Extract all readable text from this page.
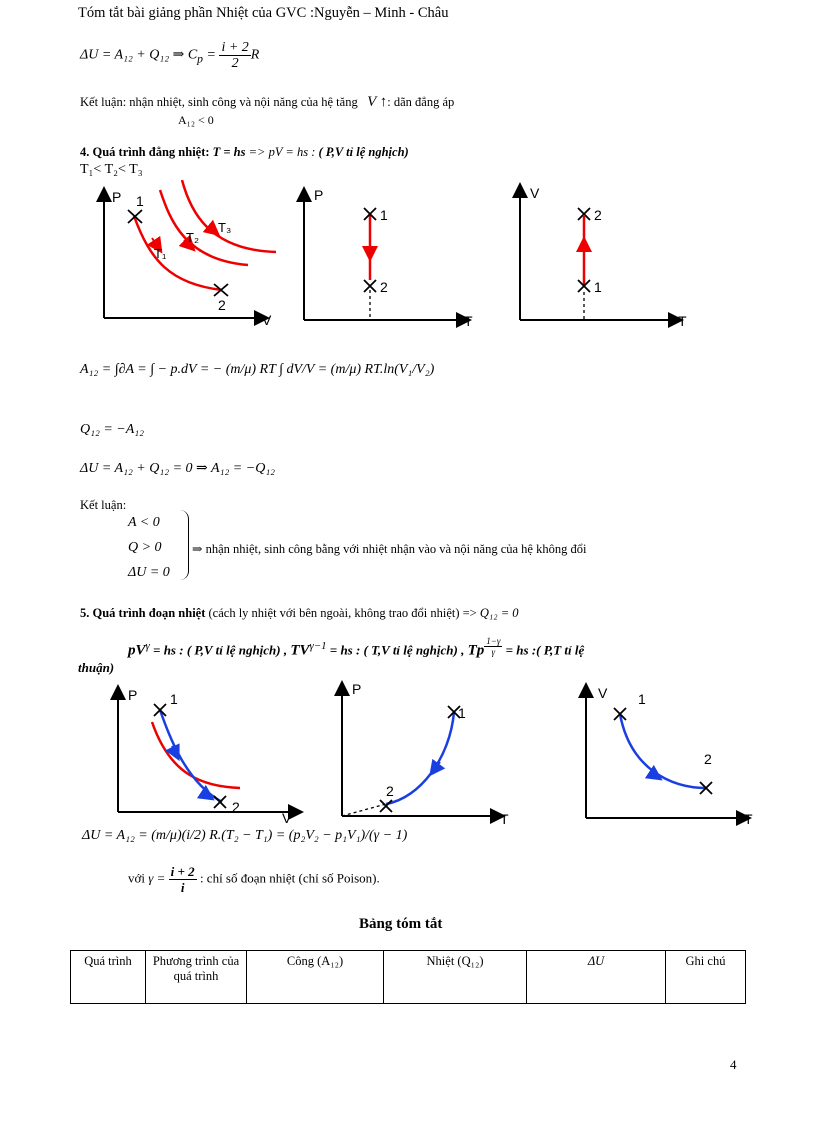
Tóm tắt bài giảng phần Nhiệt của GVC :Nguyễn – Minh - Châu
ΔU = A₁₂ + Q₁₂ ⇒ $C_p = \frac{i + 2}{2}$ R
Kết luận: nhận nhiệt, sinh công và nội năng của hệ tăng V ↑: dãn đẳng áp
A₁₂ < 0
4. Quá trình đẳng nhiệt: T = hs => pV = hs : ( P,V tỉ lệ nghịch)
T₁< T₂< T₃
P
V
1
2
T₁
T₂
T₃
P
T
1
2
V
T
2
1
A₁₂ = ∫∂A = ∫ − p.dV = − (m/μ) RT ∫ dV/V = (m/μ) RT.ln(V₁/V₂)
Q₁₂ = −A₁₂
ΔU = A₁₂ + Q₁₂ = 0 ⇒ A₁₂ = −Q₁₂
Kết luận:
A < 0
Q > 0
ΔU = 0
⇒ nhận nhiệt, sinh công bằng với nhiệt nhận vào và nội năng của hệ không đổi
5. Quá trình đoạn nhiệt (cách ly nhiệt với bên ngoài, không trao đổi nhiệt) => Q₁₂ = 0
$pV^\gamma$ = hs : ( P,V tỉ lệ nghịch) , $TV^{\gamma-1}$ = hs : ( T,V tỉ lệ nghịch) , Tp $^{\frac{1-\gamma}{\gamma}}$ = hs :( P,T tỉ lệ
thuận)
P
V
1
2
P
T
1
2
V
T
1
2
ΔU = A₁₂ = (m/μ)(i/2) R.(T₂ − T₁) = (p₂V₂ − p₁V₁)/(γ − 1)
với $\gamma = \frac{i + 2}{i}$ : chỉ số đoạn nhiệt (chỉ số Poison).
Bảng tóm tắt
Quá trình	Phương trình của quá trình	Công (A₁₂)	Nhiệt (Q₁₂)	ΔU	Ghi chú
4
